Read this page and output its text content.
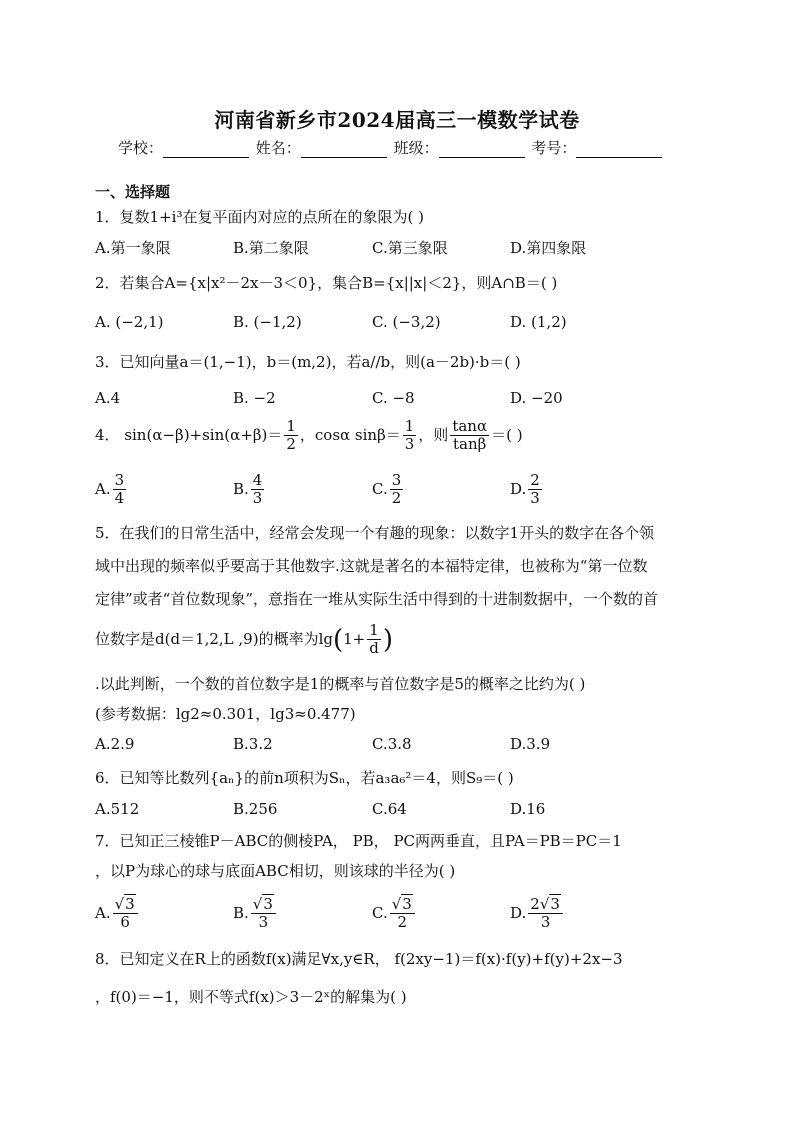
河南省新乡市2024届高三一模数学试卷
学校：	姓名：	班级：	考号：
一、选择题
1．复数1+i³在复平面内对应的点所在的象限为( )
A.第一象限	B.第二象限	C.第三象限	D.第四象限
2．若集合A={x|x²－2x－3＜0}，集合B={x||x|＜2}，则A∩B＝( )
A. (−2,1)	B. (−1,2)	C. (−3,2)	D. (1,2)
3．已知向量a＝(1,−1)，b＝(m,2)，若a//b，则(a－2b)·b＝( )
A.4	B. −2	C. −8	D. −20
4． $\sin(\alpha-\beta)+\sin(\alpha+\beta)= \frac{1}{2}$ ，cosα $\sin\beta= \frac{1}{3}$ ，则 $\frac{\tan\alpha}{\tan\beta}$ ＝( )
A. $\frac{3}{4}$	B. $\frac{4}{3}$	C. $\frac{3}{2}$	D. $\frac{2}{3}$
5．在我们的日常生活中，经常会发现一个有趣的现象：以数字1开头的数字在各个领
域中出现的频率似乎要高于其他数字.这就是著名的本福特定律，也被称为“第一位数
定律”或者“首位数现象”，意指在一堆从实际生活中得到的十进制数据中，一个数的首
位数字是d(d＝1,2,L ,9)的概率为$\lg(1+ \frac{1}{d}$ )
.以此判断，一个数的首位数字是1的概率与首位数字是5的概率之比约为( )
(参考数据：lg2≈0.301，lg3≈0.477)
A.2.9	B.3.2	C.3.8	D.3.9
6．已知等比数列{aₙ}的前n项积为Sₙ，若a₃a₆²＝4，则S₉＝( )
A.512	B.256	C.64	D.16
7．已知正三棱锥P－ABC的侧棱PA， PB， PC两两垂直，且PA＝PB＝PC＝1
，以P为球心的球与底面ABC相切，则该球的半径为( )
A. $\frac{√3}{6}$	B. $\frac{√3}{3}$	C. $\frac{√3}{2}$	D. $\frac{2√3}{3}$
8．已知定义在R上的函数f(x)满足∀x,y∈R， f(2xy−1)＝f(x)·f(y)+f(y)+2x−3
，f(0)＝−1，则不等式f(x)＞3－2ˣ的解集为( )
